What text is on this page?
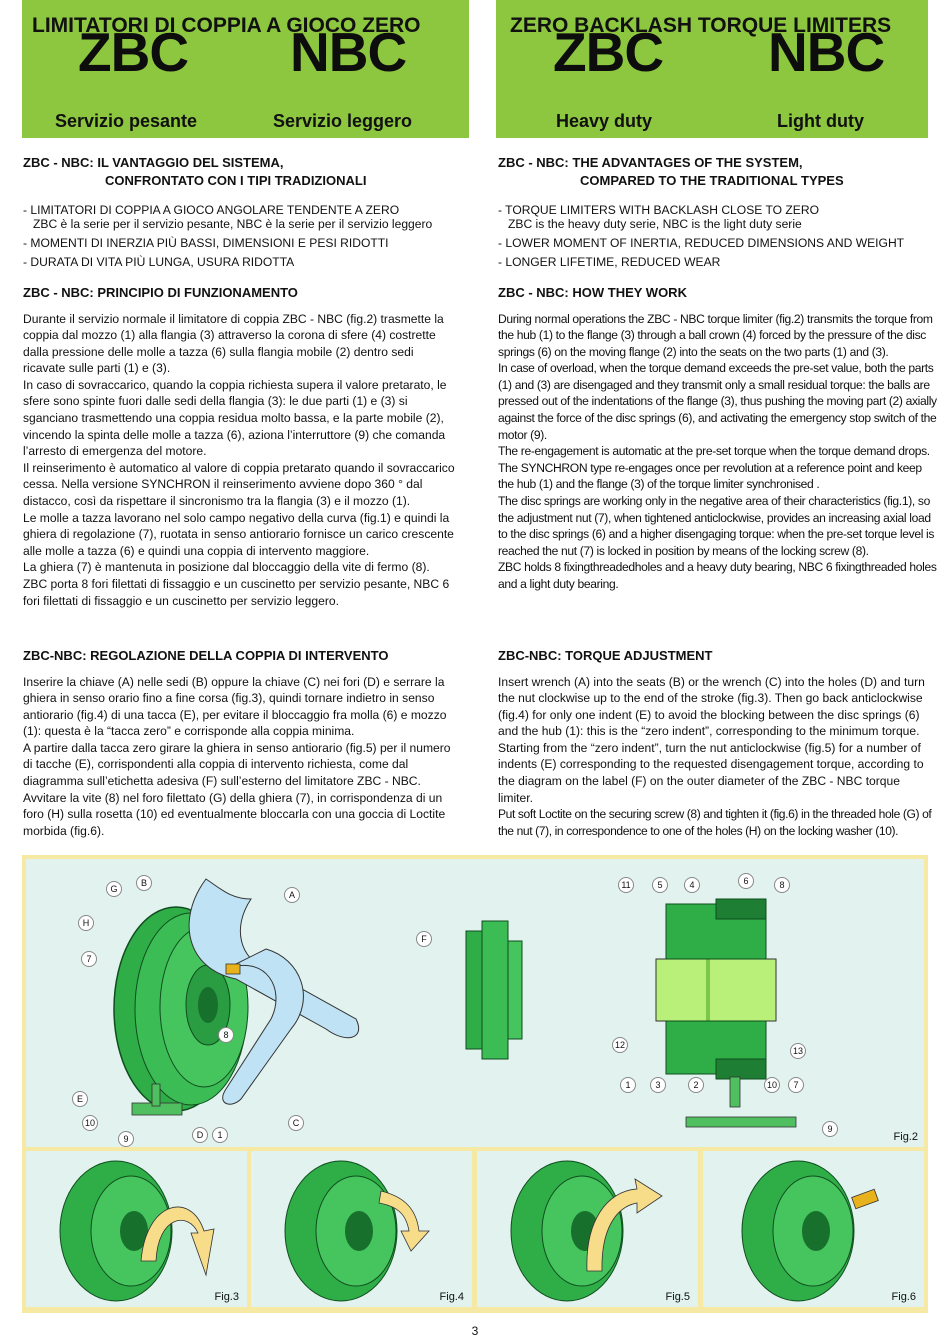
ZBC NBC	ZBC NBC
LIMITATORI DI COPPIA A GIOCO ZERO	ZERO BACKLASH TORQUE LIMITERS
Servizio pesante	Servizio leggero	Heavy duty	Light duty
ZBC - NBC: IL VANTAGGIO DEL SISTEMA,
CONFRONTATO CON I TIPI TRADIZIONALI
- LIMITATORI DI COPPIA A GIOCO ANGOLARE TENDENTE A ZERO
ZBC è la serie per il servizio pesante, NBC è la serie per il servizio leggero
- MOMENTI DI INERZIA PIÙ BASSI, DIMENSIONI E PESI RIDOTTI
- DURATA DI VITA PIÙ LUNGA, USURA RIDOTTA
ZBC - NBC: PRINCIPIO DI FUNZIONAMENTO

Durante il servizio normale il limitatore di coppia ZBC - NBC (fig.2) trasmette la coppia dal mozzo (1) alla flangia (3) attraverso la corona di sfere (4) costrette dalla pressione delle molle a tazza (6) sulla flangia mobile (2) dentro sedi ricavate sulle parti (1) e (3).

In caso di sovraccarico, quando la coppia richiesta supera il valore pretarato, le sfere sono spinte fuori dalle sedi della flangia (3): le due parti (1) e (3) si sganciano trasmettendo una coppia residua molto bassa, e la parte mobile (2), vincendo la spinta delle molle a tazza (6), aziona l’interruttore (9) che comanda l’arresto di emergenza del motore.

Il reinserimento è automatico al valore di coppia pretarato quando il sovraccarico cessa. Nella versione SYNCHRON il reinserimento avviene dopo 360 ° dal distacco, così da rispettare il sincronismo tra la flangia (3) e il mozzo (1).

Le molle a tazza lavorano nel solo campo negativo della curva (fig.1) e quindi la ghiera di regolazione (7), ruotata in senso antiorario fornisce un carico crescente alle molle a tazza (6) e quindi una coppia di intervento maggiore.

La ghiera (7) è mantenuta in posizione dal bloccaggio della vite di fermo (8).

ZBC porta 8 fori filettati di fissaggio e un cuscinetto per servizio pesante, NBC 6 fori filettati di fissaggio e un cuscinetto per servizio leggero.

ZBC-NBC: REGOLAZIONE DELLA COPPIA DI INTERVENTO

Inserire la chiave (A) nelle sedi (B) oppure la chiave (C) nei fori (D) e serrare la ghiera in senso orario fino a fine corsa (fig.3), quindi tornare indietro in senso antiorario (fig.4) di una tacca (E), per evitare il bloccaggio fra molla (6) e mozzo (1): questa è la “tacca zero” e corrisponde alla coppia minima.

A partire dalla tacca zero girare la ghiera in senso antiorario (fig.5) per il numero di tacche (E), corrispondenti alla coppia di intervento richiesta, come dal diagramma sull’etichetta adesiva (F) sull’esterno del limitatore ZBC - NBC.

Avvitare la vite (8) nel foro filettato (G) della ghiera (7), in corrispondenza di un foro (H) sulla rosetta (10) ed eventualmente bloccarla con una goccia di Loctite morbida (fig.6).

ZBC - NBC: THE ADVANTAGES OF THE SYSTEM,
COMPARED TO THE TRADITIONAL TYPES
- TORQUE LIMITERS WITH BACKLASH CLOSE TO ZERO
ZBC is the heavy duty serie, NBC is the light duty serie
- LOWER MOMENT OF INERTIA, REDUCED DIMENSIONS AND WEIGHT
- LONGER LIFETIME, REDUCED WEAR
ZBC - NBC: HOW THEY WORK

During normal operations the ZBC - NBC torque limiter (fig.2) transmits the torque from the hub (1) to the flange (3) through a ball crown (4) forced by the pressure of the disc springs (6) on the moving flange (2) into the seats on the two parts (1) and (3).

In case of overload, when the torque demand exceeds the pre-set value, both the parts (1) and (3) are disengaged and they transmit only a small residual torque: the balls are pressed out of the indentations of the flange (3), thus pushing the moving part (2) axially against the force of the disc springs (6), and activating the emergency stop switch of the motor (9).

The re-engagement is automatic at the pre-set torque when the torque demand drops. The SYNCHRON type re-engages once per revolution at a reference point and keep the hub (1) and the flange (3) of the torque limiter synchronised .

The disc springs are working only in the negative area of their characteristics (fig.1), so the adjustment nut (7), when tightened anticlockwise, provides an increasing axial load to the disc springs (6) and a higher disengaging torque: when the pre-set torque level is reached the nut (7) is locked in position by means of the locking screw (8).

ZBC holds 8 fixingthreadedholes and a heavy duty bearing, NBC 6 fixingthreaded holes and a light duty bearing.

ZBC-NBC: TORQUE ADJUSTMENT

Insert wrench (A) into the seats (B) or the wrench (C) into the holes (D) and turn the nut clockwise up to the end of the stroke (fig.3). Then go back anticlockwise (fig.4) for only one indent (E) to avoid the blocking between the disc springs (6) and the hub (1): this is the “zero indent”, corresponding to the minimum torque. Starting from the “zero indent”, turn the nut anticlockwise (fig.5) for a number of indents (E) corresponding to the requested disengagement torque, according to the diagram on the label (F) on the outer diameter of the ZBC - NBC torque limiter.

Put soft Loctite on the securing screw (8) and tighten it (fig.6) in the threaded hole (G) of the nut (7), in correspondence to one of the holes (H) on the locking washer (10).

G
B
A
H
7
F
8
E
10
9	D	1
C
11	5	4	6	8
12
13
1	3	2	10	7
9
Fig.2
Fig.3	Fig.4	Fig.5	Fig.6
3
